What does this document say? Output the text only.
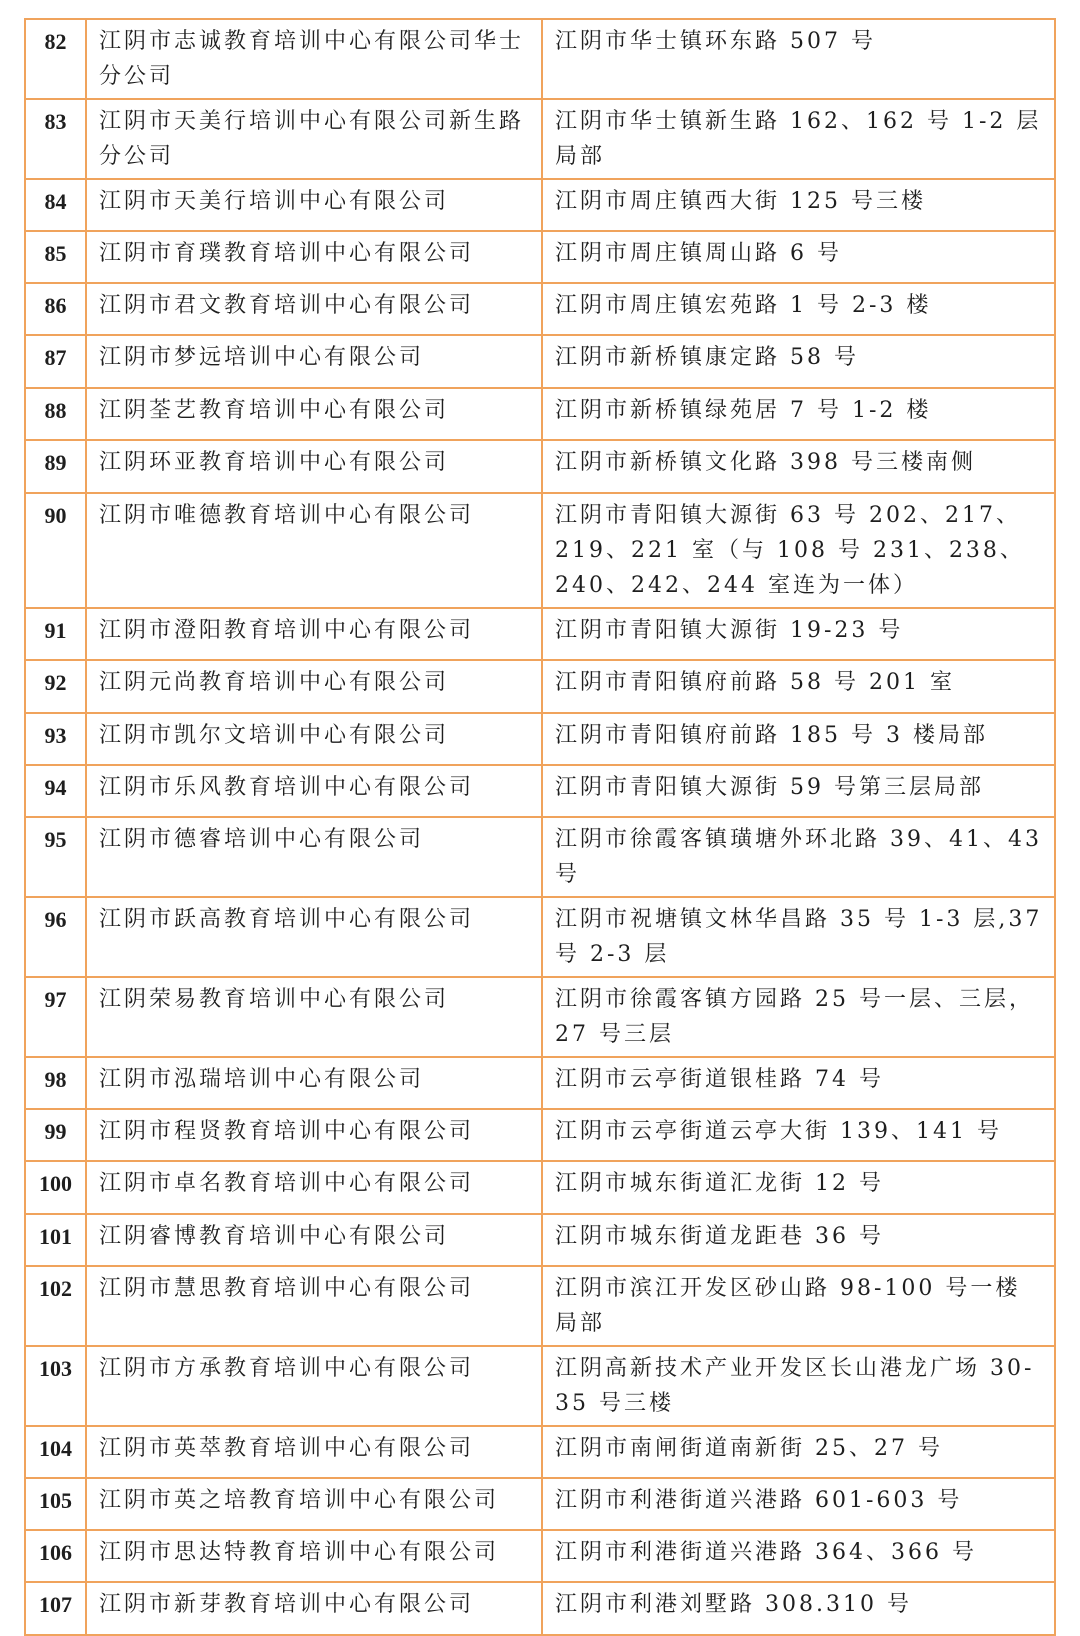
82	江阴市志诚教育培训中心有限公司华士分公司	江阴市华士镇环东路 507 号
83	江阴市天美行培训中心有限公司新生路分公司	江阴市华士镇新生路 162、162 号 1-2 层局部
84	江阴市天美行培训中心有限公司	江阴市周庄镇西大街 125 号三楼
85	江阴市育璞教育培训中心有限公司	江阴市周庄镇周山路 6 号
86	江阴市君文教育培训中心有限公司	江阴市周庄镇宏苑路 1 号 2-3 楼
87	江阴市梦远培训中心有限公司	江阴市新桥镇康定路 58 号
88	江阴荃艺教育培训中心有限公司	江阴市新桥镇绿苑居 7 号 1-2 楼
89	江阴环亚教育培训中心有限公司	江阴市新桥镇文化路 398 号三楼南侧
90	江阴市唯德教育培训中心有限公司	江阴市青阳镇大源街 63 号 202、217、219、221 室（与 108 号 231、238、240、242、244 室连为一体）
91	江阴市澄阳教育培训中心有限公司	江阴市青阳镇大源街 19-23 号
92	江阴元尚教育培训中心有限公司	江阴市青阳镇府前路 58 号 201 室
93	江阴市凯尔文培训中心有限公司	江阴市青阳镇府前路 185 号 3 楼局部
94	江阴市乐风教育培训中心有限公司	江阴市青阳镇大源街 59 号第三层局部
95	江阴市德睿培训中心有限公司	江阴市徐霞客镇璜塘外环北路 39、41、43 号
96	江阴市跃高教育培训中心有限公司	江阴市祝塘镇文林华昌路 35 号 1-3 层,37 号 2-3 层
97	江阴荣易教育培训中心有限公司	江阴市徐霞客镇方园路 25 号一层、三层，27 号三层
98	江阴市泓瑞培训中心有限公司	江阴市云亭街道银桂路 74 号
99	江阴市程贤教育培训中心有限公司	江阴市云亭街道云亭大街 139、141 号
100	江阴市卓名教育培训中心有限公司	江阴市城东街道汇龙街 12 号
101	江阴睿博教育培训中心有限公司	江阴市城东街道龙距巷 36 号
102	江阴市慧思教育培训中心有限公司	江阴市滨江开发区砂山路 98-100 号一楼局部
103	江阴市方承教育培训中心有限公司	江阴高新技术产业开发区长山港龙广场 30-35 号三楼
104	江阴市英萃教育培训中心有限公司	江阴市南闸街道南新街 25、27 号
105	江阴市英之培教育培训中心有限公司	江阴市利港街道兴港路 601-603 号
106	江阴市思达特教育培训中心有限公司	江阴市利港街道兴港路 364、366 号
107	江阴市新芽教育培训中心有限公司	江阴市利港刘墅路 308.310 号
